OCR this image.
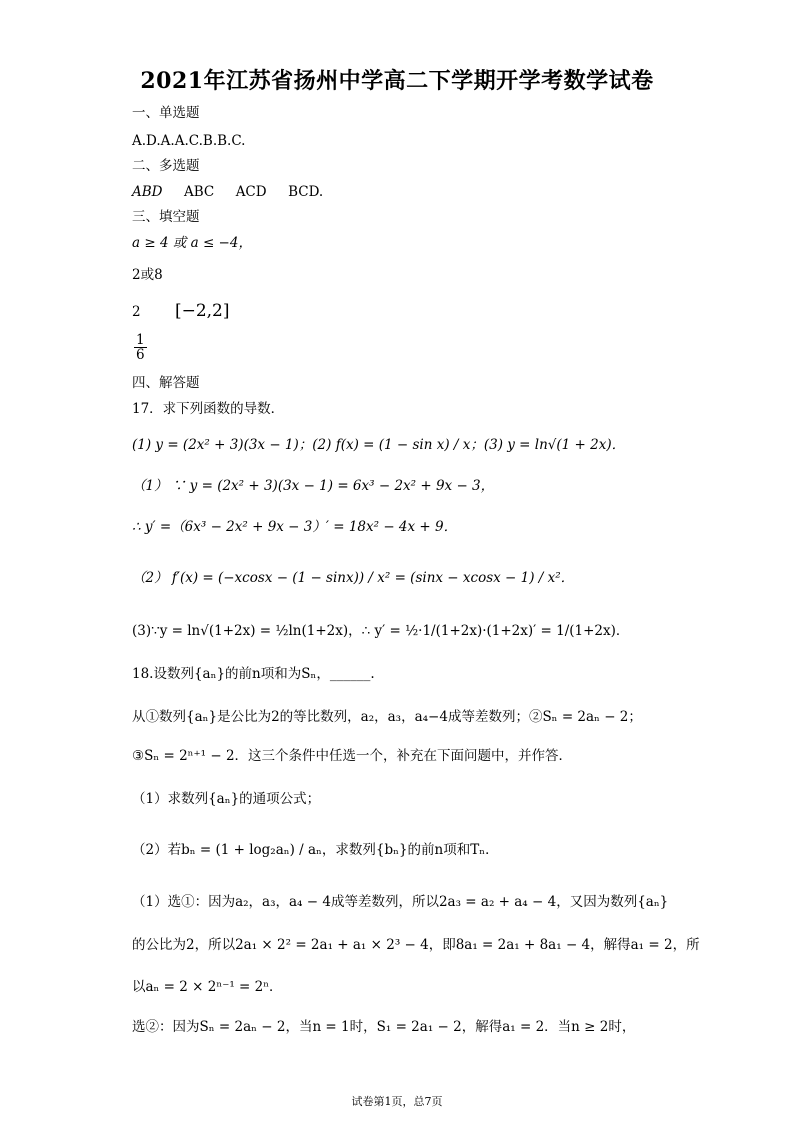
2021年江苏省扬州中学高二下学期开学考数学试卷
一、单选题
A.D.A.A.C.B.B.C.
二、多选题
ABD ABC ACD BCD.
三、填空题
a ≥ 4 或 a ≤ −4，
2或8
2 [−2,2]
$\frac{1}{6}$
四、解答题
17．求下列函数的导数．
(1) y = (2x² + 3)(3x − 1)；(2) f(x) = (1 − sin x) / x；(3) y = ln√(1 + 2x)．
（1） ∵ y = (2x² + 3)(3x − 1) = 6x³ − 2x² + 9x − 3，
∴ y′ =（6x³ − 2x² + 9x − 3）′ = 18x² − 4x + 9．
（2） f′(x) = (−xcosx − (1 − sinx)) / x² = (sinx − xcosx − 1) / x²．
(3)∵y = ln√(1+2x) = ½ln(1+2x)，∴ y′ = ½·1/(1+2x)·(1+2x)′ = 1/(1+2x)．
18.设数列{aₙ}的前n项和为Sₙ，______.
从①数列{aₙ}是公比为2的等比数列，a₂，a₃，a₄−4成等差数列；②Sₙ = 2aₙ − 2；
③Sₙ = 2ⁿ⁺¹ − 2．这三个条件中任选一个，补充在下面问题中，并作答．
（1）求数列{aₙ}的通项公式；
（2）若bₙ = (1 + log₂aₙ) / aₙ，求数列{bₙ}的前n项和Tₙ．
（1）选①：因为a₂，a₃，a₄ − 4成等差数列，所以2a₃ = a₂ + a₄ − 4，又因为数列{aₙ}
的公比为2，所以2a₁ × 2² = 2a₁ + a₁ × 2³ − 4，即8a₁ = 2a₁ + 8a₁ − 4，解得a₁ = 2，所
以aₙ = 2 × 2ⁿ⁻¹ = 2ⁿ．
选②：因为Sₙ = 2aₙ − 2，当n = 1时，S₁ = 2a₁ − 2，解得a₁ = 2．当n ≥ 2时，
试卷第1页，总7页
